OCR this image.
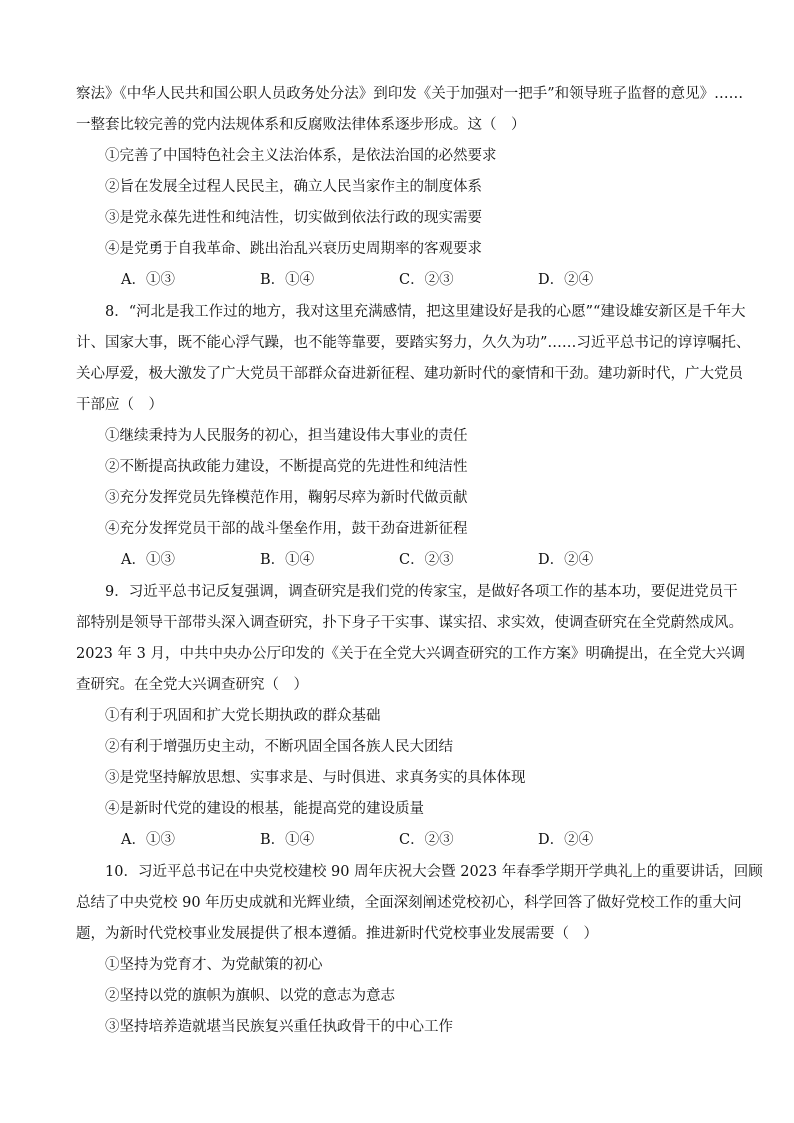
察法》《中华人民共和国公职人员政务处分法》到印发《关于加强对一把手”和领导班子监督的意见》……
一整套比较完善的党内法规体系和反腐败法律体系逐步形成。这（　）
①完善了中国特色社会主义法治体系，是依法治国的必然要求
②旨在发展全过程人民民主，确立人民当家作主的制度体系
③是党永葆先进性和纯洁性，切实做到依法行政的现实需要
④是党勇于自我革命、跳出治乱兴衰历史周期率的客观要求
A．①③	B．①④	C．②③	D．②④
8．“河北是我工作过的地方，我对这里充满感情，把这里建设好是我的心愿”“建设雄安新区是千年大
计、国家大事，既不能心浮气躁，也不能等靠要，要踏实努力，久久为功”……习近平总书记的谆谆嘱托、
关心厚爱，极大激发了广大党员干部群众奋进新征程、建功新时代的豪情和干劲。建功新时代，广大党员
干部应（　）
①继续秉持为人民服务的初心，担当建设伟大事业的责任
②不断提高执政能力建设，不断提高党的先进性和纯洁性
③充分发挥党员先锋模范作用，鞠躬尽瘁为新时代做贡献
④充分发挥党员干部的战斗堡垒作用，鼓干劲奋进新征程
A．①③	B．①④	C．②③	D．②④
9．习近平总书记反复强调，调查研究是我们党的传家宝，是做好各项工作的基本功，要促进党员干
部特别是领导干部带头深入调查研究，扑下身子干实事、谋实招、求实效，使调查研究在全党蔚然成风。
2023 年 3 月，中共中央办公厅印发的《关于在全党大兴调查研究的工作方案》明确提出，在全党大兴调
查研究。在全党大兴调查研究（　）
①有利于巩固和扩大党长期执政的群众基础
②有利于增强历史主动，不断巩固全国各族人民大团结
③是党坚持解放思想、实事求是、与时俱进、求真务实的具体体现
④是新时代党的建设的根基，能提高党的建设质量
A．①③	B．①④	C．②③	D．②④
10．习近平总书记在中央党校建校 90 周年庆祝大会暨 2023 年春季学期开学典礼上的重要讲话，回顾
总结了中央党校 90 年历史成就和光辉业绩，全面深刻阐述党校初心，科学回答了做好党校工作的重大问
题，为新时代党校事业发展提供了根本遵循。推进新时代党校事业发展需要（　）
①坚持为党育才、为党献策的初心
②坚持以党的旗帜为旗帜、以党的意志为意志
③坚持培养造就堪当民族复兴重任执政骨干的中心工作
